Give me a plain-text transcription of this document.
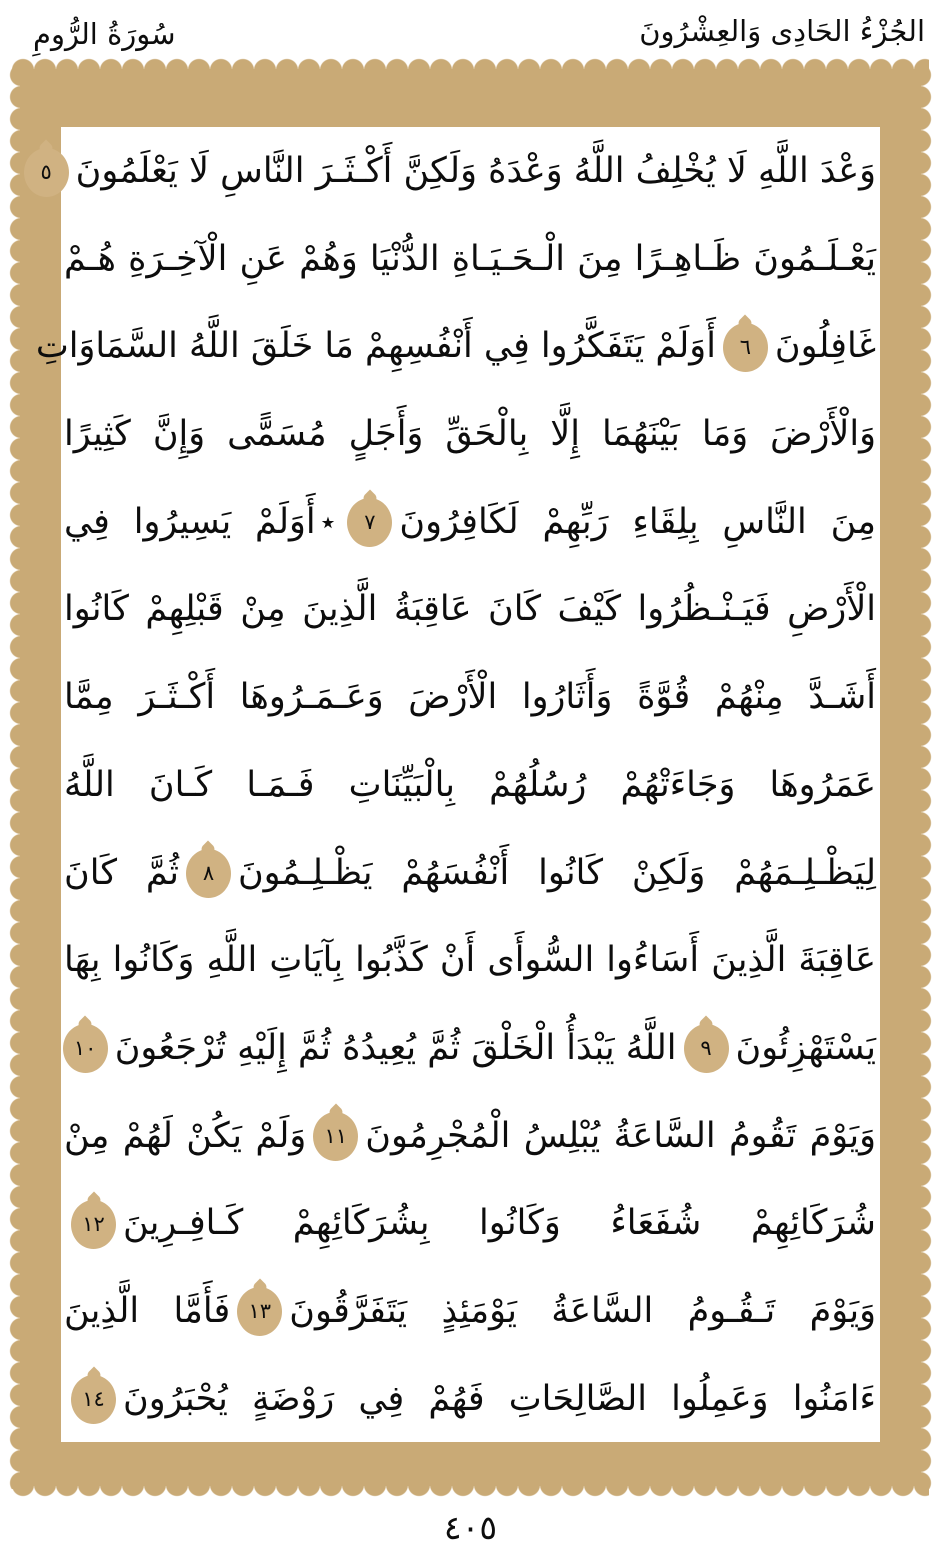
الجُزْءُ الحَادِى وَالعِشْرُونَ
سُورَةُ الرُّومِ
وَعْدَ اللَّهِ لَا يُخْلِفُ اللَّهُ وَعْدَهُ وَلَكِنَّ أَكْـثَـرَ النَّاسِ لَا يَعْلَمُونَ
٥
يَعْـلَـمُونَ ظَـاهِـرًا مِنَ الْـحَـيَـاةِ الدُّنْيَا وَهُمْ عَنِ الْآخِـرَةِ هُـمْ
غَافِلُونَ
٦
أَوَلَمْ يَتَفَكَّرُوا فِي أَنْفُسِهِمْ مَا خَلَقَ اللَّهُ السَّمَاوَاتِ
وَالْأَرْضَ وَمَا بَيْنَهُمَا إِلَّا بِالْحَقِّ وَأَجَلٍ مُسَمًّى وَإِنَّ كَثِيرًا
مِنَ النَّاسِ بِلِقَاءِ رَبِّهِمْ لَكَافِرُونَ
٧
٭أَوَلَمْ يَسِيرُوا فِي
الْأَرْضِ فَيَـنْـظُرُوا كَيْفَ كَانَ عَاقِبَةُ الَّذِينَ مِنْ قَبْلِهِمْ كَانُوا
أَشَـدَّ مِنْهُمْ قُوَّةً وَأَثَارُوا الْأَرْضَ وَعَـمَـرُوهَا أَكْـثَـرَ مِمَّا
عَمَرُوهَا وَجَاءَتْهُمْ رُسُلُهُمْ بِالْبَيِّنَاتِ فَـمَـا كَـانَ اللَّهُ
لِيَظْـلِـمَهُمْ وَلَكِنْ كَانُوا أَنْفُسَهُمْ يَظْـلِـمُونَ
٨
ثُمَّ كَانَ
عَاقِبَةَ الَّذِينَ أَسَاءُوا السُّوأَى أَنْ كَذَّبُوا بِآيَاتِ اللَّهِ وَكَانُوا بِهَا
يَسْتَهْزِئُونَ
٩
اللَّهُ يَبْدَأُ الْخَلْقَ ثُمَّ يُعِيدُهُ ثُمَّ إِلَيْهِ تُرْجَعُونَ
١٠
وَيَوْمَ تَقُومُ السَّاعَةُ يُبْلِسُ الْمُجْرِمُونَ
١١
وَلَمْ يَكُنْ لَهُمْ مِنْ
شُرَكَائِهِمْ شُفَعَاءُ وَكَانُوا بِشُرَكَائِهِمْ كَـافِـرِينَ
١٢
وَيَوْمَ تَـقُـومُ السَّاعَةُ يَوْمَئِذٍ يَتَفَرَّقُونَ
١٣
فَأَمَّا الَّذِينَ
ءَامَنُوا وَعَمِلُوا الصَّالِحَاتِ فَهُمْ فِي رَوْضَةٍ يُحْبَرُونَ
١٤
٤٠٥
